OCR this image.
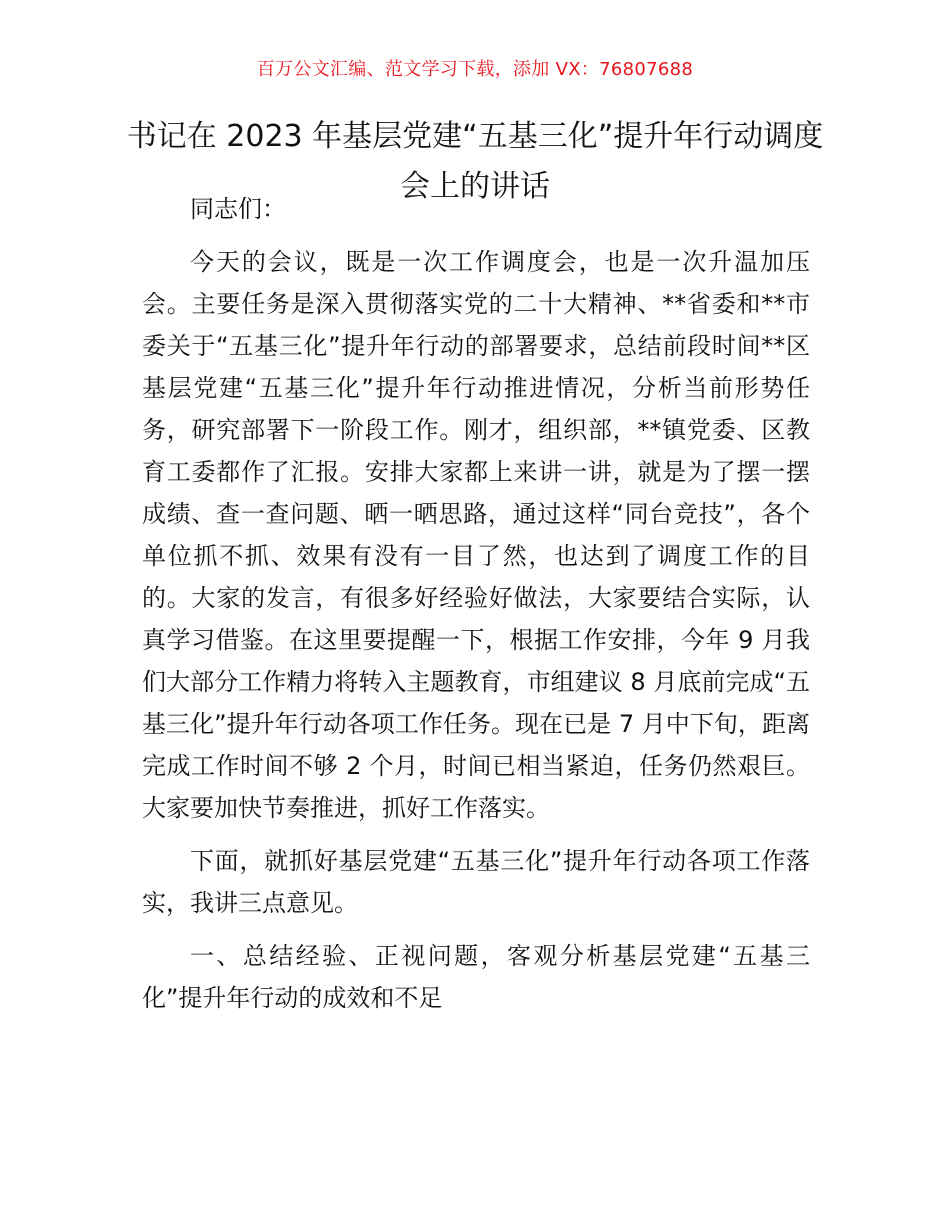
百万公文汇编、范文学习下载，添加 VX：76807688
书记在 2023 年基层党建“五基三化”提升年行动调度会上的讲话

同志们：

今天的会议，既是一次工作调度会，也是一次升温加压会。主要任务是深入贯彻落实党的二十大精神、**省委和**市委关于“五基三化”提升年行动的部署要求，总结前段时间**区基层党建“五基三化”提升年行动推进情况，分析当前形势任务，研究部署下一阶段工作。刚才，组织部，**镇党委、区教育工委都作了汇报。安排大家都上来讲一讲，就是为了摆一摆成绩、查一查问题、晒一晒思路，通过这样“同台竞技”，各个单位抓不抓、效果有没有一目了然，也达到了调度工作的目的。大家的发言，有很多好经验好做法，大家要结合实际，认真学习借鉴。在这里要提醒一下，根据工作安排，今年 9 月我们大部分工作精力将转入主题教育，市组建议 8 月底前完成“五基三化”提升年行动各项工作任务。现在已是 7 月中下旬，距离完成工作时间不够 2 个月，时间已相当紧迫，任务仍然艰巨。大家要加快节奏推进，抓好工作落实。

下面，就抓好基层党建“五基三化”提升年行动各项工作落实，我讲三点意见。

一、总结经验、正视问题，客观分析基层党建“五基三化”提升年行动的成效和不足
